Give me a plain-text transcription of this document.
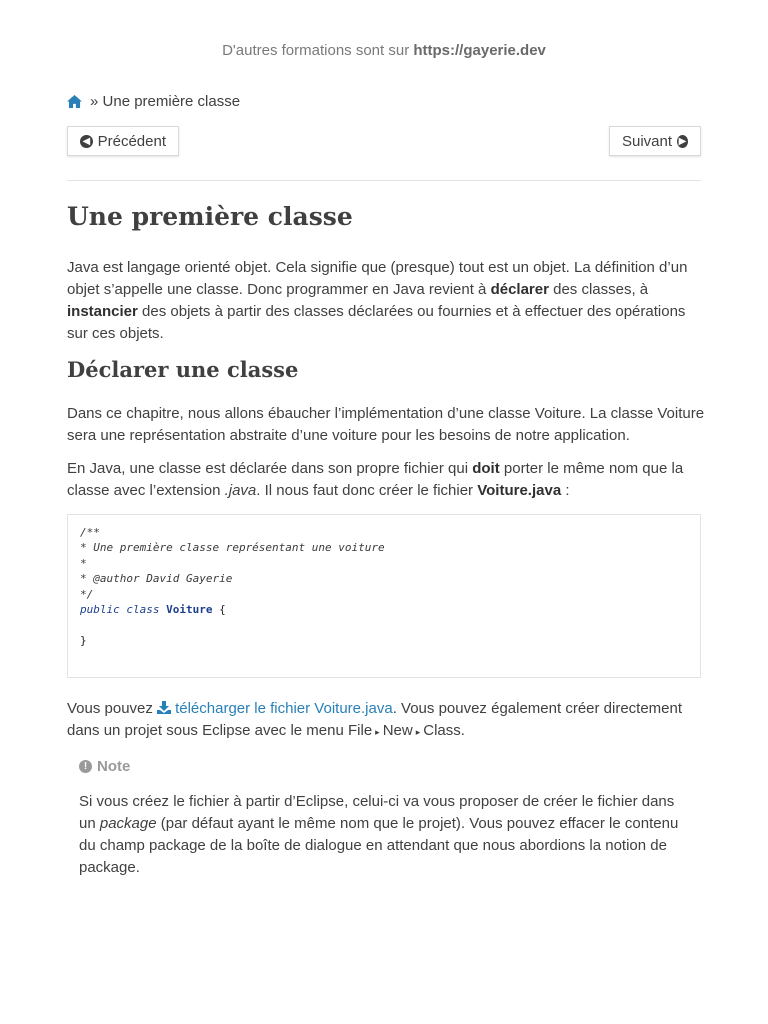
D'autres formations sont sur https://gayerie.dev
»
Une première classe
◀ Précédent	Suivant ▶
Une première classe

Java est langage orienté objet. Cela signifie que (presque) tout est un objet. La définition d’un objet s’appelle une classe. Donc programmer en Java revient à déclarer des classes, à instancier des objets à partir des classes déclarées ou fournies et à effectuer des opérations sur ces objets.

Déclarer une classe

Dans ce chapitre, nous allons ébaucher l’implémentation d’une classe Voiture. La classe Voiture sera une représentation abstraite d’une voiture pour les besoins de notre application.

En Java, une classe est déclarée dans son propre fichier qui doit porter le même nom que la classe avec l’extension .java. Il nous faut donc créer le fichier Voiture.java :

/**
* Une première classe représentant une voiture
*
* @author David Gayerie
*/
public class Voiture {
}

Vous pouvez télécharger le fichier Voiture.java. Vous pouvez également créer directement dans un projet sous Eclipse avec le menu File ▸ New ▸ Class.

! Note

Si vous créez le fichier à partir d’Eclipse, celui-ci va vous proposer de créer le fichier dans un package (par défaut ayant le même nom que le projet). Vous pouvez effacer le contenu du champ package de la boîte de dialogue en attendant que nous abordions la notion de package.
